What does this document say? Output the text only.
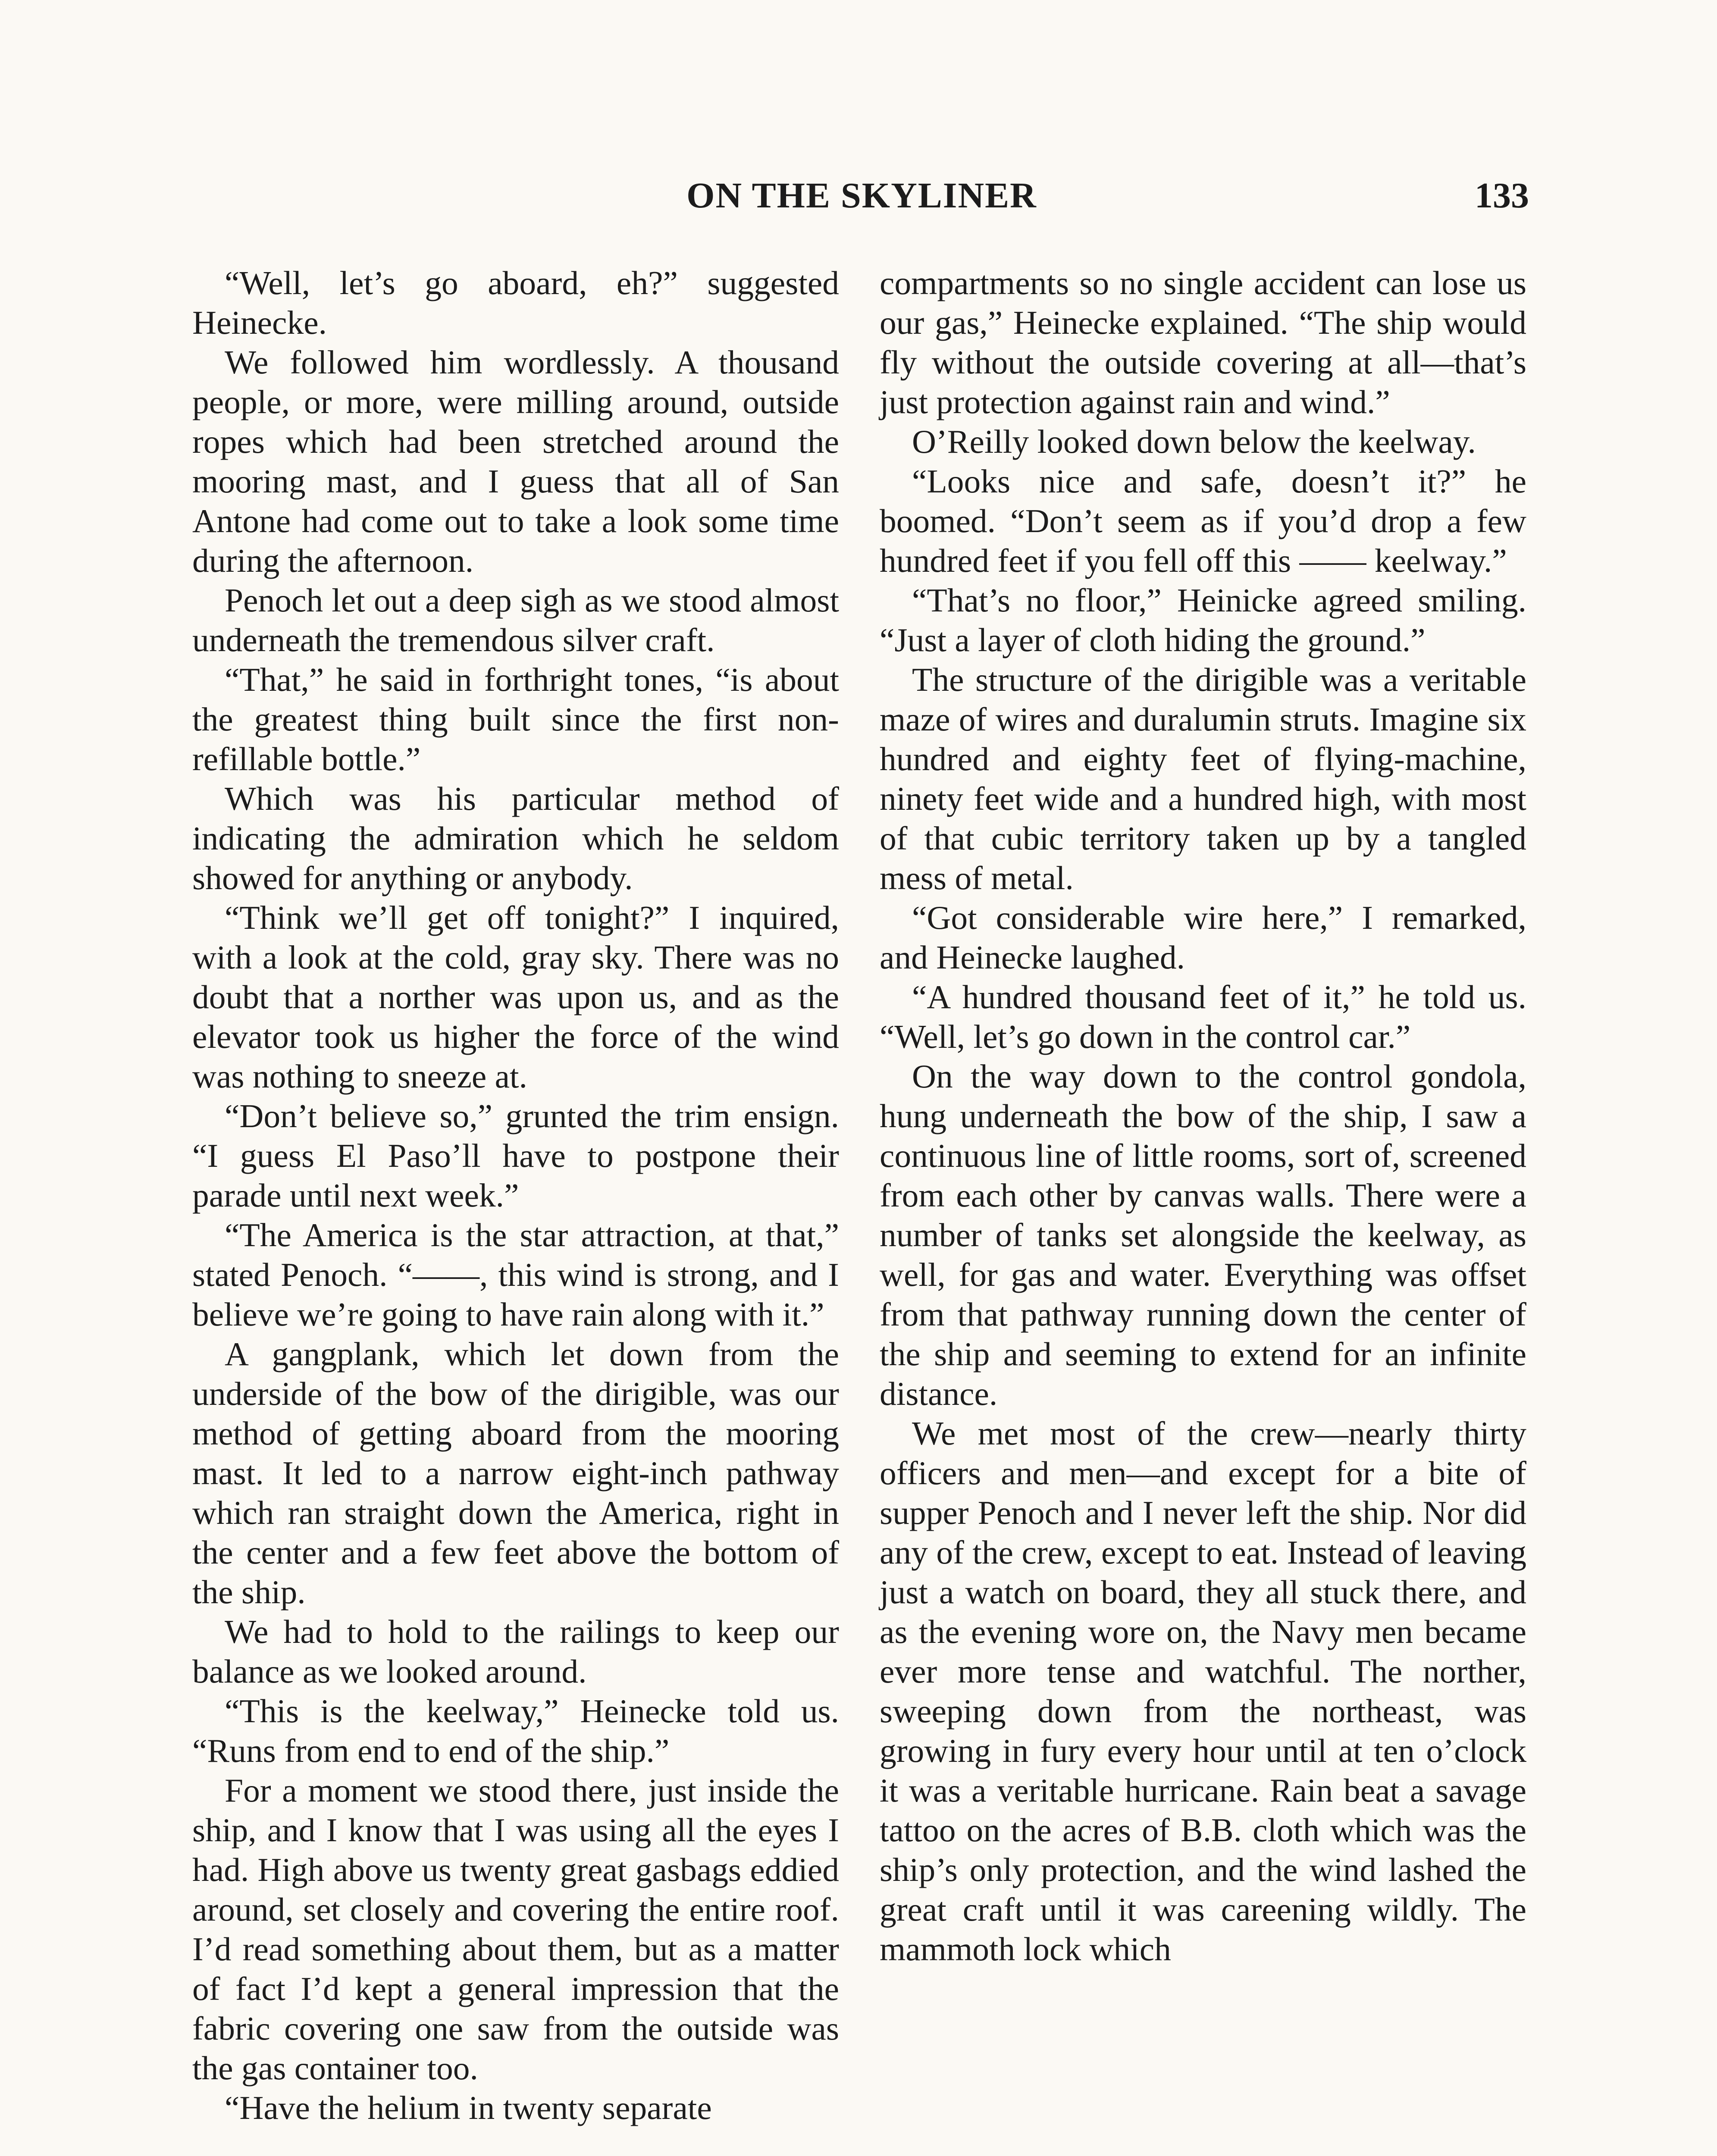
ON THE SKYLINER	133

“Well, let’s go aboard, eh?” suggested Heinecke.

We followed him wordlessly. A thousand people, or more, were milling around, outside ropes which had been stretched around the mooring mast, and I guess that all of San Antone had come out to take a look some time during the afternoon.

Penoch let out a deep sigh as we stood almost underneath the tremendous silver craft.

“That,” he said in forthright tones, “is about the greatest thing built since the first non-refillable bottle.”

Which was his particular method of indicating the admiration which he seldom showed for anything or anybody.

“Think we’ll get off tonight?” I inquired, with a look at the cold, gray sky. There was no doubt that a norther was upon us, and as the elevator took us higher the force of the wind was nothing to sneeze at.

“Don’t believe so,” grunted the trim ensign. “I guess El Paso’ll have to postpone their parade until next week.”

“The America is the star attraction, at that,” stated Penoch. “——, this wind is strong, and I believe we’re going to have rain along with it.”

A gangplank, which let down from the underside of the bow of the dirigible, was our method of getting aboard from the mooring mast. It led to a narrow eight-inch pathway which ran straight down the America, right in the center and a few feet above the bottom of the ship.

We had to hold to the railings to keep our balance as we looked around.

“This is the keelway,” Heinecke told us. “Runs from end to end of the ship.”

For a moment we stood there, just inside the ship, and I know that I was using all the eyes I had. High above us twenty great gasbags eddied around, set closely and covering the entire roof. I’d read something about them, but as a matter of fact I’d kept a general impression that the fabric covering one saw from the outside was the gas container too.

“Have the helium in twenty separate

compartments so no single accident can lose us our gas,” Heinecke explained. “The ship would fly without the outside covering at all—that’s just protection against rain and wind.”

O’Reilly looked down below the keelway.

“Looks nice and safe, doesn’t it?” he boomed. “Don’t seem as if you’d drop a few hundred feet if you fell off this —— keelway.”

“That’s no floor,” Heinicke agreed smiling. “Just a layer of cloth hiding the ground.”

The structure of the dirigible was a veritable maze of wires and duralumin struts. Imagine six hundred and eighty feet of flying-machine, ninety feet wide and a hundred high, with most of that cubic territory taken up by a tangled mess of metal.

“Got considerable wire here,” I remarked, and Heinecke laughed.

“A hundred thousand feet of it,” he told us. “Well, let’s go down in the control car.”

On the way down to the control gondola, hung underneath the bow of the ship, I saw a continuous line of little rooms, sort of, screened from each other by canvas walls. There were a number of tanks set alongside the keelway, as well, for gas and water. Everything was offset from that pathway running down the center of the ship and seeming to extend for an infinite distance.

We met most of the crew—nearly thirty officers and men—and except for a bite of supper Penoch and I never left the ship. Nor did any of the crew, except to eat. Instead of leaving just a watch on board, they all stuck there, and as the evening wore on, the Navy men became ever more tense and watchful. The norther, sweeping down from the northeast, was growing in fury every hour until at ten o’clock it was a veritable hurricane. Rain beat a savage tattoo on the acres of B.B. cloth which was the ship’s only protection, and the wind lashed the great craft until it was careening wildly. The mammoth lock which
